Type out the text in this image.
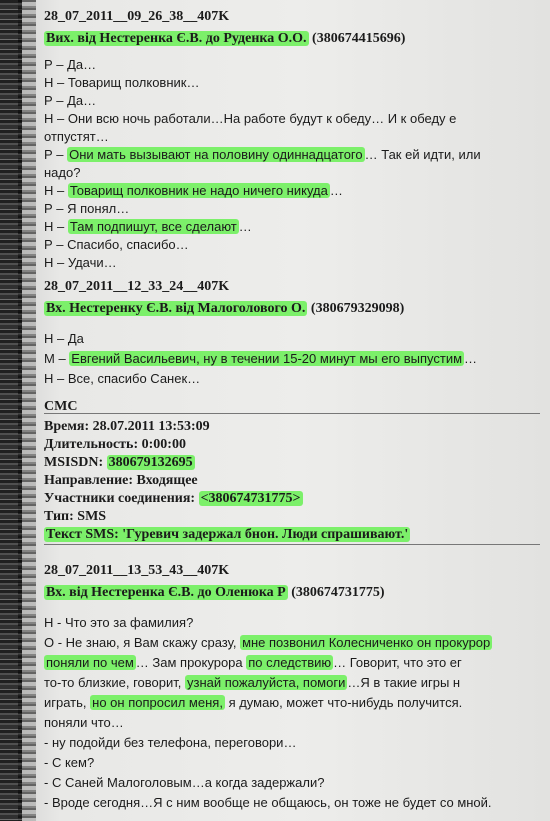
28_07_2011__09_26_38__407K
Вих. від Нестеренка Є.В. до Руденка О.О. (380674415696)
Р – Да…
Н – Товарищ полковник…
Р – Да…
Н – Они всю ночь работали…На работе будут к обеду… И к обеду е
отпустят…
Р – Они мать вызывают на половину одиннадцатого … Так ей идти, или
надо?
Н – Товарищ полковник не надо ничего никуда …
Р – Я понял…
Н – Там подпишут, все сделают …
Р – Спасибо, спасибо…
Н – Удачи…
28_07_2011__12_33_24__407K
Вх. Нестеренку Є.В. від Малоголового О. (380679329098)
Н – Да
М – Евгений Васильевич, ну в течении 15-20 минут мы его выпустим …
Н – Все, спасибо Санек…
СМС
Время: 28.07.2011 13:53:09
Длительность: 0:00:00
MSISDN: 380679132695
Направление: Входящее
Участники соединения: <380674731775>
Тип: SMS
Текст SMS: 'Гуревич задержал бнон. Люди спрашивают.'
28_07_2011__13_53_43__407K
Вх. від Нестеренка Є.В. до Оленюка Р (380674731775)
Н - Что это за фамилия?
О - Не знаю, я Вам скажу сразу, мне позвонил Колесниченко он прокурор
поняли по чем … Зам прокурора по следствию … Говорит, что это ег
то-то близкие, говорит, узнай пожалуйста, помоги …Я в такие игры н
играть, но он попросил меня, я думаю, может что-нибудь получится.
поняли что…
- ну подойди без телефона, переговори…
- С кем?
- С Саней Малоголовым…а когда задержали?
- Вроде сегодня…Я с ним вообще не общаюсь, он тоже не будет со мной.
